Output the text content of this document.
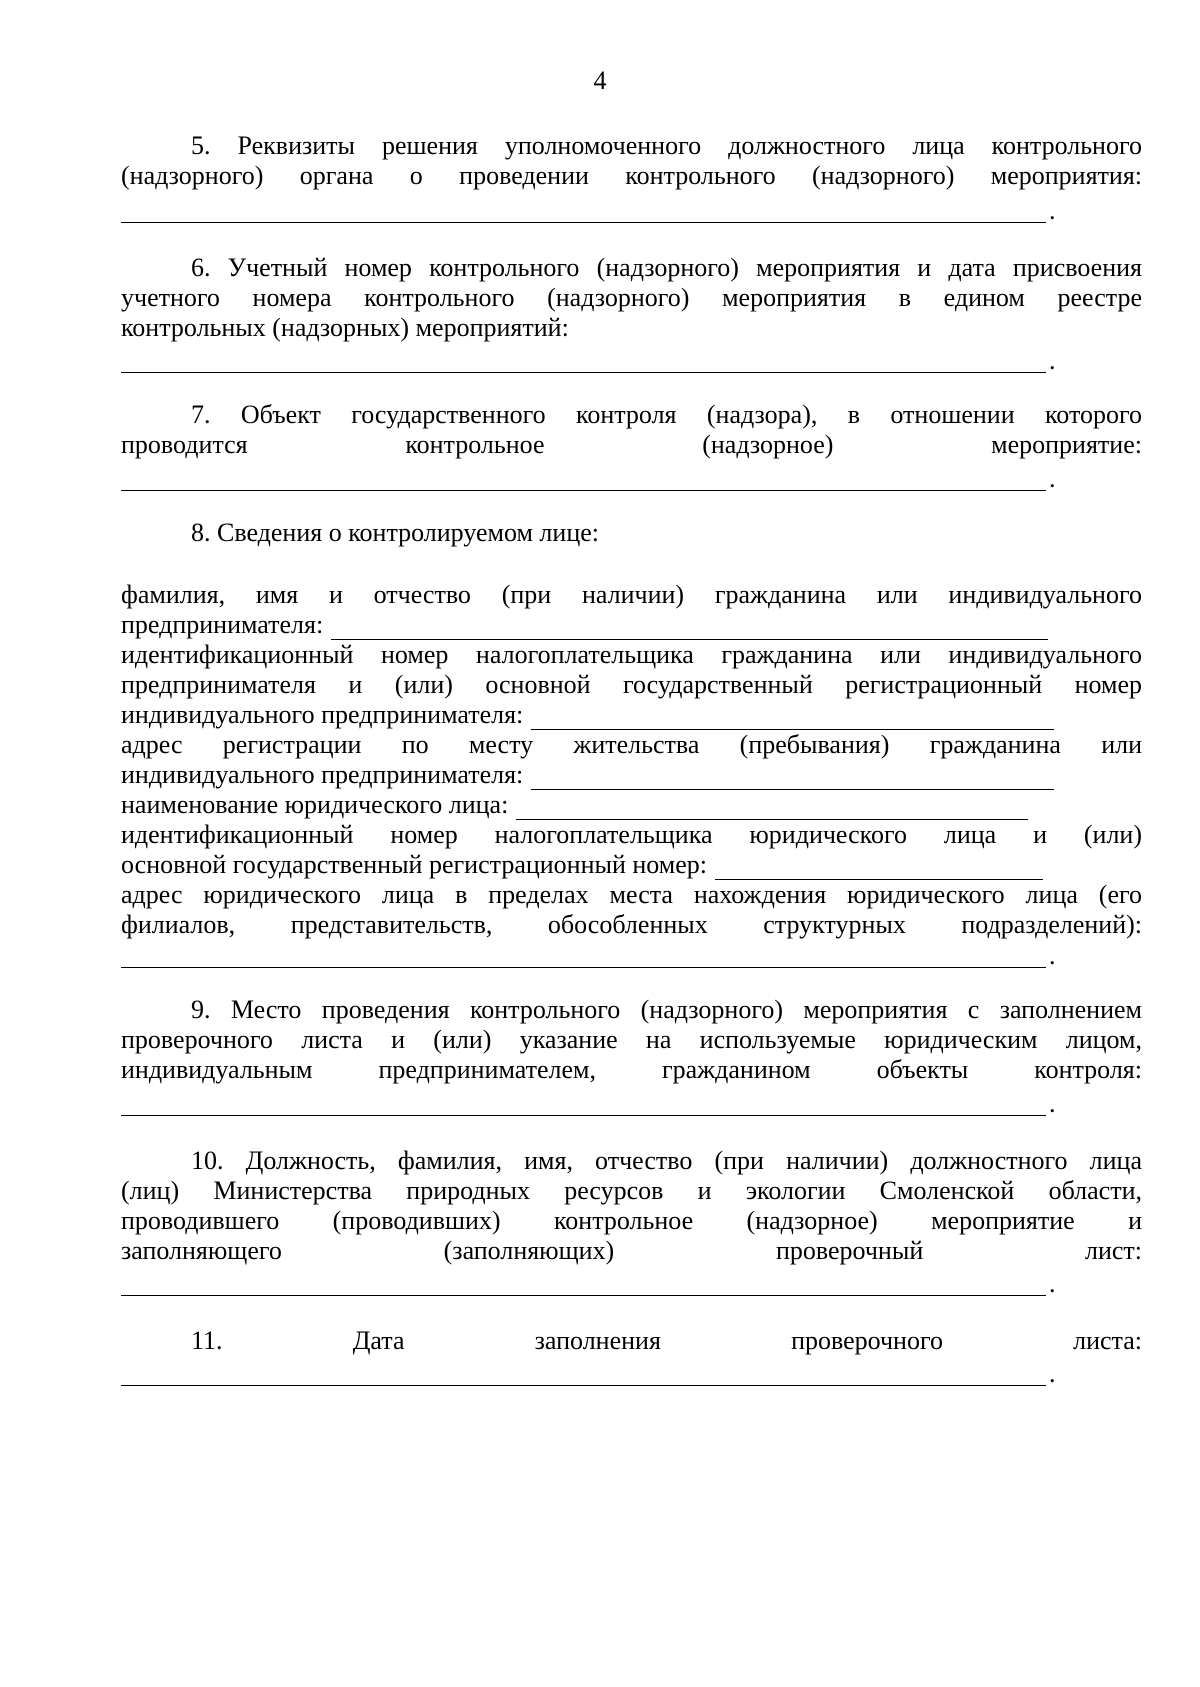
4
5. Реквизиты решения уполномоченного должностного лица контрольного
(надзорного) органа о проведении контрольного (надзорного) мероприятия:
.
6. Учетный номер контрольного (надзорного) мероприятия и дата присвоения
учетного номера контрольного (надзорного) мероприятия в едином реестре
контрольных (надзорных) мероприятий:
.
7. Объект государственного контроля (надзора), в отношении которого
проводится	контрольное	(надзорное)	мероприятие:
.
8. Сведения о контролируемом лице:
фамилия, имя и отчество (при наличии) гражданина или индивидуального
предпринимателя:
идентификационный номер налогоплательщика гражданина или индивидуального
предпринимателя и (или) основной государственный регистрационный номер
индивидуального предпринимателя:
адрес регистрации по месту жительства (пребывания) гражданина или
индивидуального предпринимателя:
наименование юридического лица:
идентификационный номер налогоплательщика юридического лица и (или)
основной государственный регистрационный номер:
адрес юридического лица в пределах места нахождения юридического лица (его
филиалов, представительств, обособленных структурных подразделений):
.
9. Место проведения контрольного (надзорного) мероприятия с заполнением
проверочного листа и (или) указание на используемые юридическим лицом,
индивидуальным предпринимателем, гражданином объекты контроля:
.
10. Должность, фамилия, имя, отчество (при наличии) должностного лица
(лиц) Министерства природных ресурсов и экологии Смоленской области,
проводившего (проводивших) контрольное (надзорное) мероприятие и
заполняющего	(заполняющих)	проверочный	лист:
.
11.	Дата	заполнения	проверочного	листа:
.
